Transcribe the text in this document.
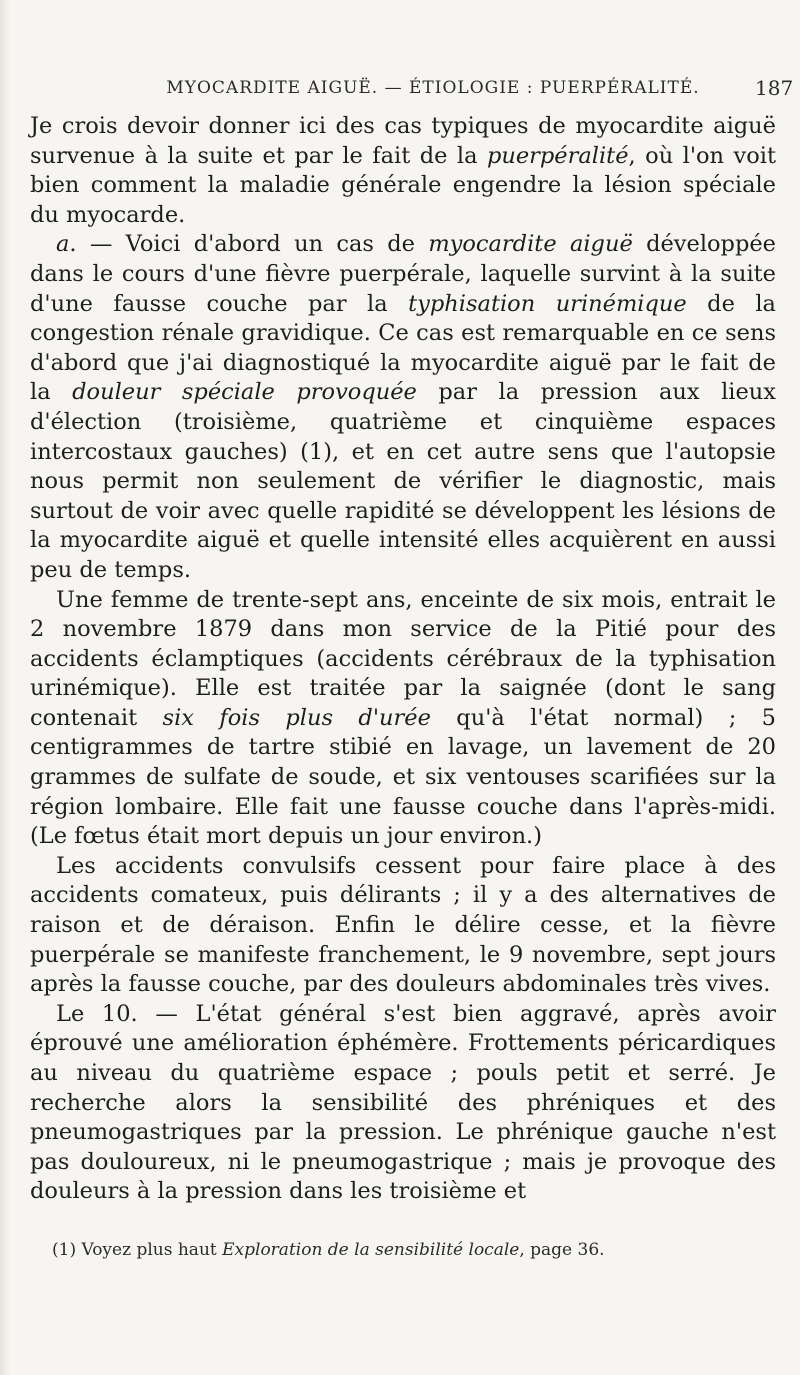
MYOCARDITE AIGUË. — ÉTIOLOGIE : PUERPÉRALITÉ.	187

Je crois devoir donner ici des cas typiques de myocardite aiguë survenue à la suite et par le fait de la puerpéralité, où l'on voit bien comment la maladie générale engendre la lésion spéciale du myocarde.

a. — Voici d'abord un cas de myocardite aiguë développée dans le cours d'une fièvre puerpérale, laquelle survint à la suite d'une fausse couche par la typhisation urinémique de la congestion rénale gravidique. Ce cas est remarquable en ce sens d'abord que j'ai diagnostiqué la myocardite aiguë par le fait de la douleur spéciale provoquée par la pression aux lieux d'élection (troisième, quatrième et cinquième espaces intercostaux gauches) (1), et en cet autre sens que l'autopsie nous permit non seulement de vérifier le diagnostic, mais surtout de voir avec quelle rapidité se développent les lésions de la myocardite aiguë et quelle intensité elles acquièrent en aussi peu de temps.

Une femme de trente-sept ans, enceinte de six mois, entrait le 2 novembre 1879 dans mon service de la Pitié pour des accidents éclamptiques (accidents cérébraux de la typhisation urinémique). Elle est traitée par la saignée (dont le sang contenait six fois plus d'urée qu'à l'état normal) ; 5 centigrammes de tartre stibié en lavage, un lavement de 20 grammes de sulfate de soude, et six ventouses scarifiées sur la région lombaire. Elle fait une fausse couche dans l'après-midi. (Le fœtus était mort depuis un jour environ.)

Les accidents convulsifs cessent pour faire place à des accidents comateux, puis délirants ; il y a des alternatives de raison et de déraison. Enfin le délire cesse, et la fièvre puerpérale se manifeste franchement, le 9 novembre, sept jours après la fausse couche, par des douleurs abdominales très vives.

Le 10. — L'état général s'est bien aggravé, après avoir éprouvé une amélioration éphémère. Frottements péricardiques au niveau du quatrième espace ; pouls petit et serré. Je recherche alors la sensibilité des phréniques et des pneumogastriques par la pression. Le phrénique gauche n'est pas douloureux, ni le pneumogastrique ; mais je provoque des douleurs à la pression dans les troisième et

(1) Voyez plus haut Exploration de la sensibilité locale, page 36.
